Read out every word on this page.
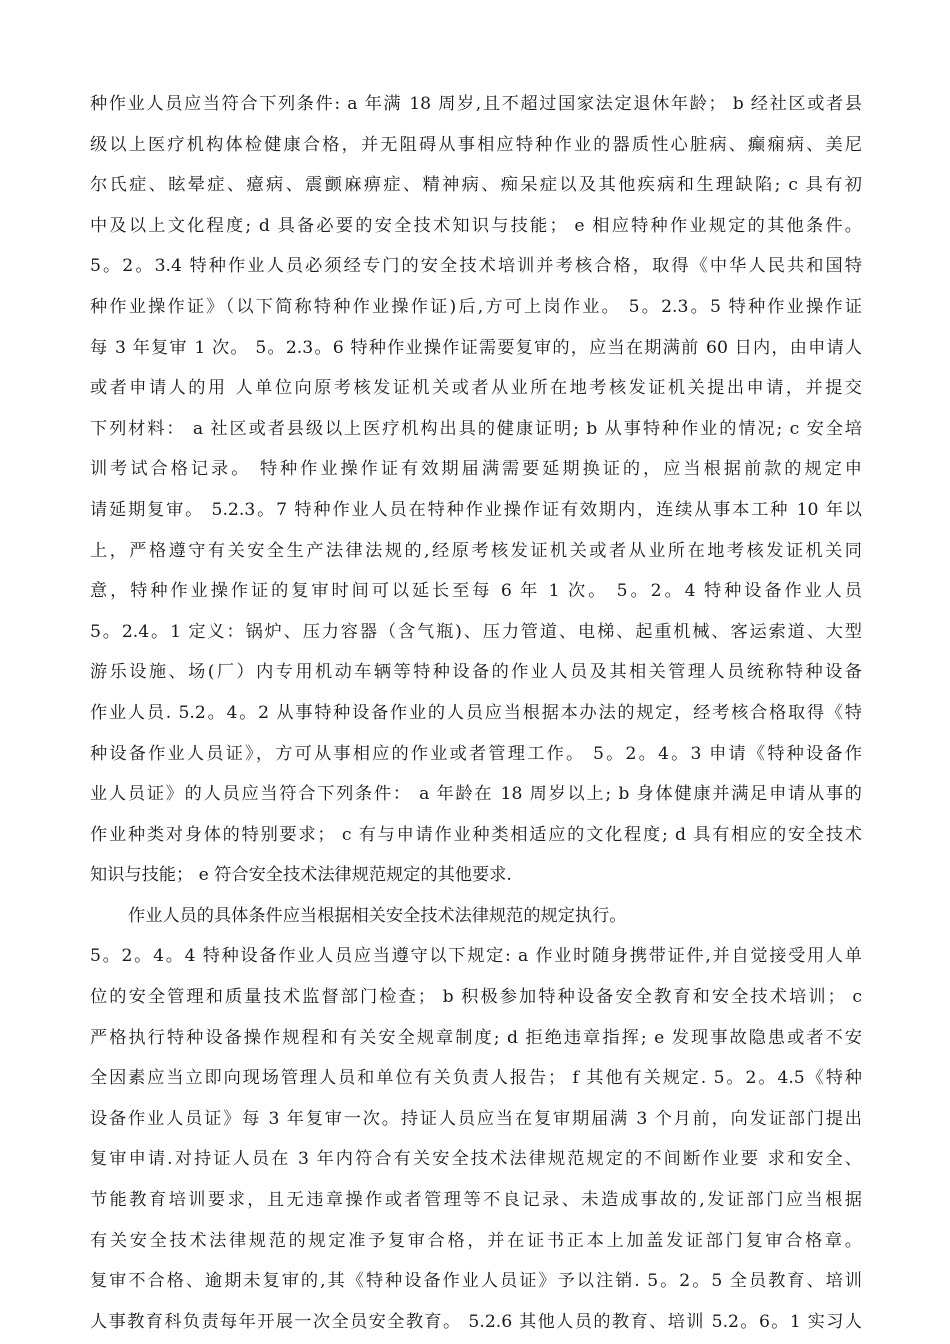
种作业人员应当符合下列条件: a 年满 18 周岁,且不超过国家法定退休年龄； b 经社区或者县
级以上医疗机构体检健康合格，并无阻碍从事相应特种作业的器质性心脏病、癫痫病、美尼
尔氏症、眩晕症、癔病、震颤麻痹症、精神病、痴呆症以及其他疾病和生理缺陷; c 具有初
中及以上文化程度; d 具备必要的安全技术知识与技能； e 相应特种作业规定的其他条件。
5。2。3.4 特种作业人员必须经专门的安全技术培训并考核合格，取得《中华人民共和国特
种作业操作证》（以下简称特种作业操作证)后,方可上岗作业。 5。2.3。5 特种作业操作证
每 3 年复审 1 次。 5。2.3。6 特种作业操作证需要复审的，应当在期满前 60 日内，由申请人
或者申请人的用 人单位向原考核发证机关或者从业所在地考核发证机关提出申请，并提交
下列材料： a 社区或者县级以上医疗机构出具的健康证明; b 从事特种作业的情况; c 安全培
训考试合格记录。 特种作业操作证有效期届满需要延期换证的，应当根据前款的规定申
请延期复审。 5.2.3。7 特种作业人员在特种作业操作证有效期内，连续从事本工种 10 年以
上，严格遵守有关安全生产法律法规的,经原考核发证机关或者从业所在地考核发证机关同
意，特种作业操作证的复审时间可以延长至每 6 年 1 次。 5。2。4 特种设备作业人员
5。2.4。1 定义：锅炉、压力容器（含气瓶)、压力管道、电梯、起重机械、客运索道、大型
游乐设施、场(厂）内专用机动车辆等特种设备的作业人员及其相关管理人员统称特种设备
作业人员. 5.2。4。2 从事特种设备作业的人员应当根据本办法的规定，经考核合格取得《特
种设备作业人员证》，方可从事相应的作业或者管理工作。 5。2。4。3 申请《特种设备作
业人员证》的人员应当符合下列条件： a 年龄在 18 周岁以上; b 身体健康并满足申请从事的
作业种类对身体的特别要求； c 有与申请作业种类相适应的文化程度; d 具有相应的安全技术
知识与技能； e 符合安全技术法律规范规定的其他要求.
作业人员的具体条件应当根据相关安全技术法律规范的规定执行。
5。2。4。4 特种设备作业人员应当遵守以下规定: a 作业时随身携带证件,并自觉接受用人单
位的安全管理和质量技术监督部门检查； b 积极参加特种设备安全教育和安全技术培训； c
严格执行特种设备操作规程和有关安全规章制度; d 拒绝违章指挥; e 发现事故隐患或者不安
全因素应当立即向现场管理人员和单位有关负责人报告； f 其他有关规定. 5。2。4.5《特种
设备作业人员证》每 3 年复审一次。持证人员应当在复审期届满 3 个月前，向发证部门提出
复审申请.对持证人员在 3 年内符合有关安全技术法律规范规定的不间断作业要 求和安全、
节能教育培训要求，且无违章操作或者管理等不良记录、未造成事故的,发证部门应当根据
有关安全技术法律规范的规定准予复审合格，并在证书正本上加盖发证部门复审合格章。
复审不合格、逾期未复审的,其《特种设备作业人员证》予以注销. 5。2。5 全员教育、培训
人事教育科负责每年开展一次全员安全教育。 5.2.6 其他人员的教育、培训 5.2。6。1 实习人
